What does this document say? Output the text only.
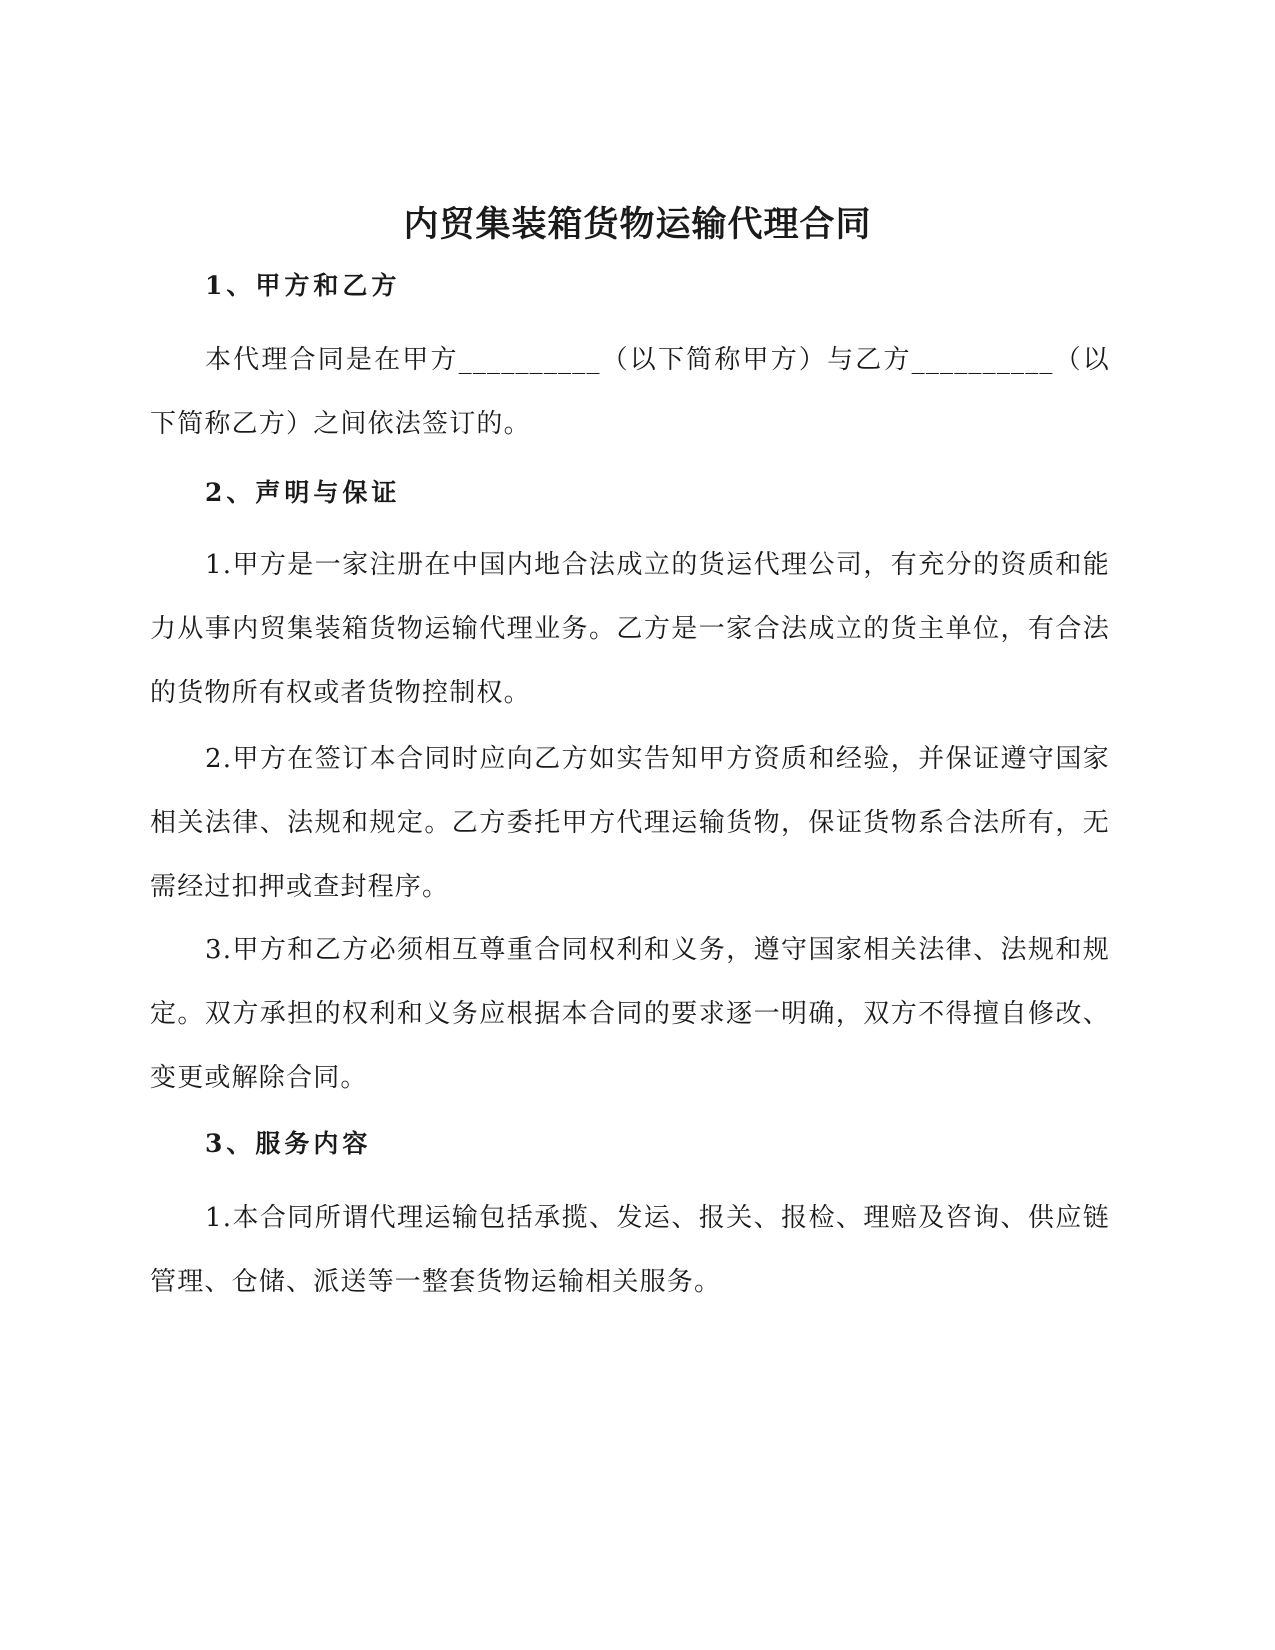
内贸集装箱货物运输代理合同
1、甲方和乙方

本代理合同是在甲方__________（以下简称甲方）与乙方__________（以下简称乙方）之间依法签订的。

2、声明与保证

1.甲方是一家注册在中国内地合法成立的货运代理公司，有充分的资质和能力从事内贸集装箱货物运输代理业务。乙方是一家合法成立的货主单位，有合法的货物所有权或者货物控制权。

2.甲方在签订本合同时应向乙方如实告知甲方资质和经验，并保证遵守国家相关法律、法规和规定。乙方委托甲方代理运输货物，保证货物系合法所有，无需经过扣押或查封程序。

3.甲方和乙方必须相互尊重合同权利和义务，遵守国家相关法律、法规和规定。双方承担的权利和义务应根据本合同的要求逐一明确，双方不得擅自修改、变更或解除合同。

3、服务内容

1.本合同所谓代理运输包括承揽、发运、报关、报检、理赔及咨询、供应链管理、仓储、派送等一整套货物运输相关服务。
